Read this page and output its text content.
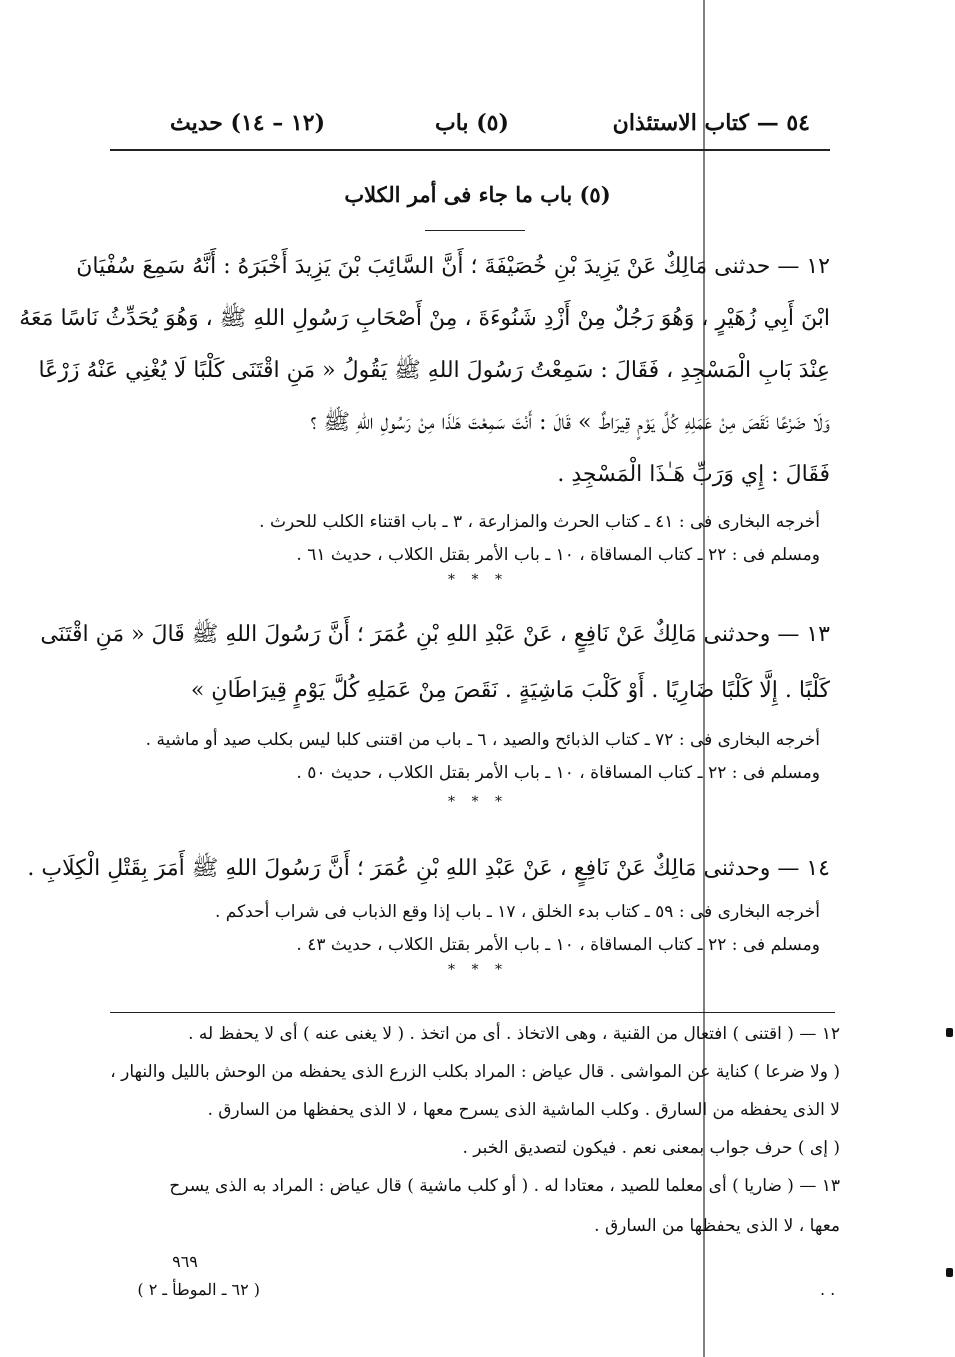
٥٤ — كتاب الاستئذان
(٥) باب
(١٢ – ١٤) حديث
(٥) باب ما جاء فى أمر الكلاب
١٢ — حدثنى مَالِكٌ عَنْ يَزِيدَ بْنِ خُصَيْفَةَ ؛ أَنَّ السَّائِبَ بْنَ يَزِيدَ أَخْبَرَهُ : أَنَّهُ سَمِعَ سُفْيَانَ
ابْنَ أَبِي زُهَيْرٍ ، وَهُوَ رَجُلٌ مِنْ أَزْدِ شَنُوءَةَ ، مِنْ أَصْحَابِ رَسُولِ اللهِ ﷺ ، وَهُوَ يُحَدِّثُ نَاسًا مَعَهُ
عِنْدَ بَابِ الْمَسْجِدِ ، فَقَالَ : سَمِعْتُ رَسُولَ اللهِ ﷺ يَقُولُ « مَنِ اقْتَنَى كَلْبًا لَا يُغْنِي عَنْهُ زَرْعًا
وَلَا ضَرْعًا نَقَصَ مِنْ عَمَلِهِ كُلَّ يَوْمٍ قِيرَاطٌ » قَالَ : أَنْتَ سَمِعْتَ هَـٰذَا مِنْ رَسُولِ اللهِ ﷺ ؟
فَقَالَ : إِي وَرَبِّ هَـٰذَا الْمَسْجِدِ .
أخرجه البخارى فى : ٤١ ـ كتاب الحرث والمزارعة ، ٣ ـ باب اقتناء الكلب للحرث .
ومسلم فى : ٢٢ ـ كتاب المساقاة ، ١٠ ـ باب الأمر بقتل الكلاب ، حديث ٦١ .
* * *
١٣ — وحدثنى مَالِكٌ عَنْ نَافِعٍ ، عَنْ عَبْدِ اللهِ بْنِ عُمَرَ ؛ أَنَّ رَسُولَ اللهِ ﷺ قَالَ « مَنِ اقْتَنَى
كَلْبًا . إِلَّا كَلْبًا ضَارِيًا . أَوْ كَلْبَ مَاشِيَةٍ . نَقَصَ مِنْ عَمَلِهِ كُلَّ يَوْمٍ قِيرَاطَانِ »
أخرجه البخارى فى : ٧٢ ـ كتاب الذبائح والصيد ، ٦ ـ باب من اقتنى كلبا ليس بكلب صيد أو ماشية .
ومسلم فى : ٢٢ ـ كتاب المساقاة ، ١٠ ـ باب الأمر بقتل الكلاب ، حديث ٥٠ .
* * *
١٤ — وحدثنى مَالِكٌ عَنْ نَافِعٍ ، عَنْ عَبْدِ اللهِ بْنِ عُمَرَ ؛ أَنَّ رَسُولَ اللهِ ﷺ أَمَرَ بِقَتْلِ الْكِلَابِ .
أخرجه البخارى فى : ٥٩ ـ كتاب بدء الخلق ، ١٧ ـ باب إذا وقع الذباب فى شراب أحدكم .
ومسلم فى : ٢٢ ـ كتاب المساقاة ، ١٠ ـ باب الأمر بقتل الكلاب ، حديث ٤٣ .
* * *
١٢ — ( اقتنى ) افتعال من القنية ، وهى الاتخاذ . أى من اتخذ . ( لا يغنى عنه ) أى لا يحفظ له .
( ولا ضرعا ) كناية عن المواشى . قال عياض : المراد بكلب الزرع الذى يحفظه من الوحش بالليل والنهار ،
لا الذى يحفظه من السارق . وكلب الماشية الذى يسرح معها ، لا الذى يحفظها من السارق .
( إى ) حرف جواب بمعنى نعم . فيكون لتصديق الخبر .
١٣ — ( ضاريا ) أى معلما للصيد ، معتادا له . ( أو كلب ماشية ) قال عياض : المراد به الذى يسرح
معها ، لا الذى يحفظها من السارق .
٩٦٩
( ٦٢ ـ الموطأ ـ ٢ )	. .
